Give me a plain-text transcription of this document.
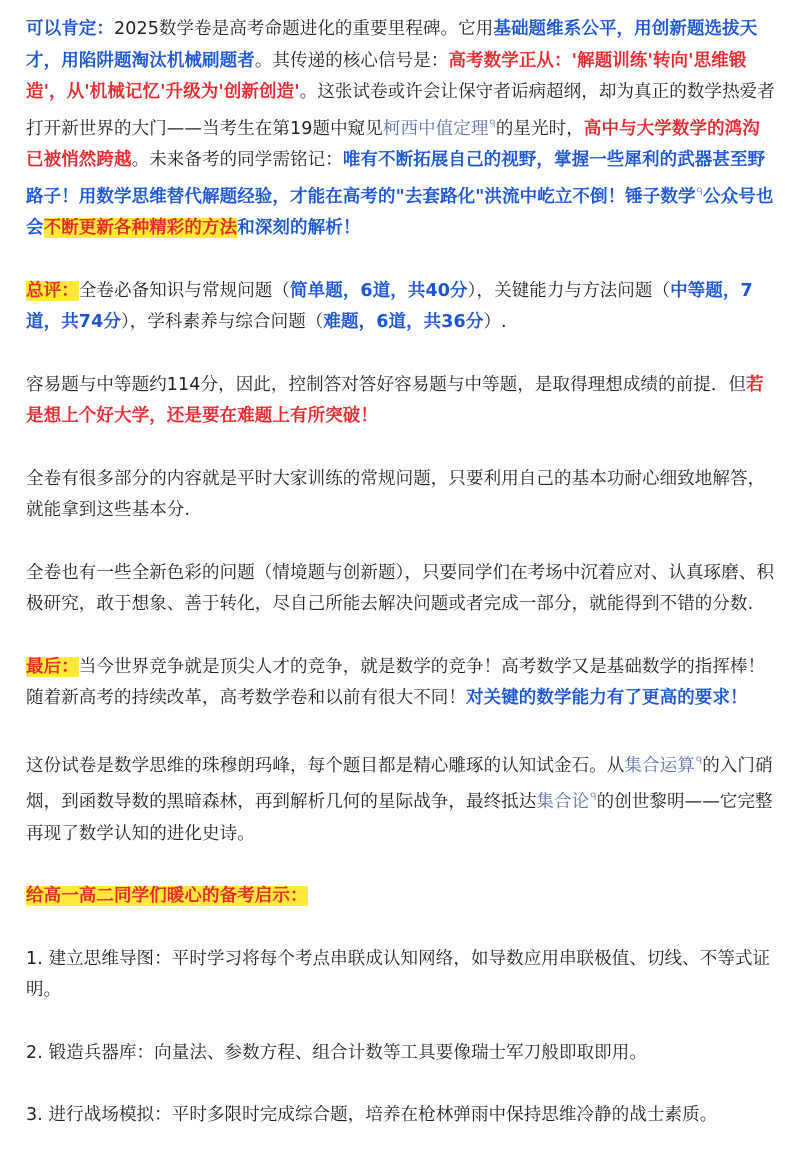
可以肯定：2025数学卷是高考命题进化的重要里程碑。它用基础题维系公平，用创新题选拔天才，用陷阱题淘汰机械刷题者。其传递的核心信号是：高考数学正从：'解题训练'转向'思维锻造'，从'机械记忆'升级为'创新创造'。这张试卷或许会让保守者诟病超纲，却为真正的数学热爱者打开新世界的大门——当考生在第19题中窥见柯西中值定理$^ᑫ$的星光时，高中与大学数学的鸿沟已被悄然跨越。未来备考的同学需铭记：唯有不断拓展自己的视野，掌握一些犀利的武器甚至野路子！用数学思维替代解题经验，才能在高考的"去套路化"洪流中屹立不倒！锤子数学$^ᑫ$公众号也会不断更新各种精彩的方法和深刻的解析！

总评：全卷必备知识与常规问题（简单题，6道，共40分），关键能力与方法问题（中等题，7道，共74分），学科素养与综合问题（难题，6道，共36分）.

容易题与中等题约114分，因此，控制答对答好容易题与中等题，是取得理想成绩的前提．但若是想上个好大学，还是要在难题上有所突破！

全卷有很多部分的内容就是平时大家训练的常规问题，只要利用自己的基本功耐心细致地解答，就能拿到这些基本分.

全卷也有一些全新色彩的问题（情境题与创新题），只要同学们在考场中沉着应对、认真琢磨、积极研究，敢于想象、善于转化，尽自己所能去解决问题或者完成一部分，就能得到不错的分数.

最后：当今世界竞争就是顶尖人才的竞争，就是数学的竞争！高考数学又是基础数学的指挥棒！随着新高考的持续改革，高考数学卷和以前有很大不同！对关键的数学能力有了更高的要求！

这份试卷是数学思维的珠穆朗玛峰，每个题目都是精心雕琢的认知试金石。从集合运算$^ᑫ$的入门硝烟，到函数导数的黑暗森林，再到解析几何的星际战争，最终抵达集合论$^ᑫ$的创世黎明——它完整再现了数学认知的进化史诗。

给高一高二同学们暖心的备考启示：

1. 建立思维导图：平时学习将每个考点串联成认知网络，如导数应用串联极值、切线、不等式证明。

2. 锻造兵器库：向量法、参数方程、组合计数等工具要像瑞士军刀般即取即用。

3. 进行战场模拟：平时多限时完成综合题，培养在枪林弹雨中保持思维冷静的战士素质。
